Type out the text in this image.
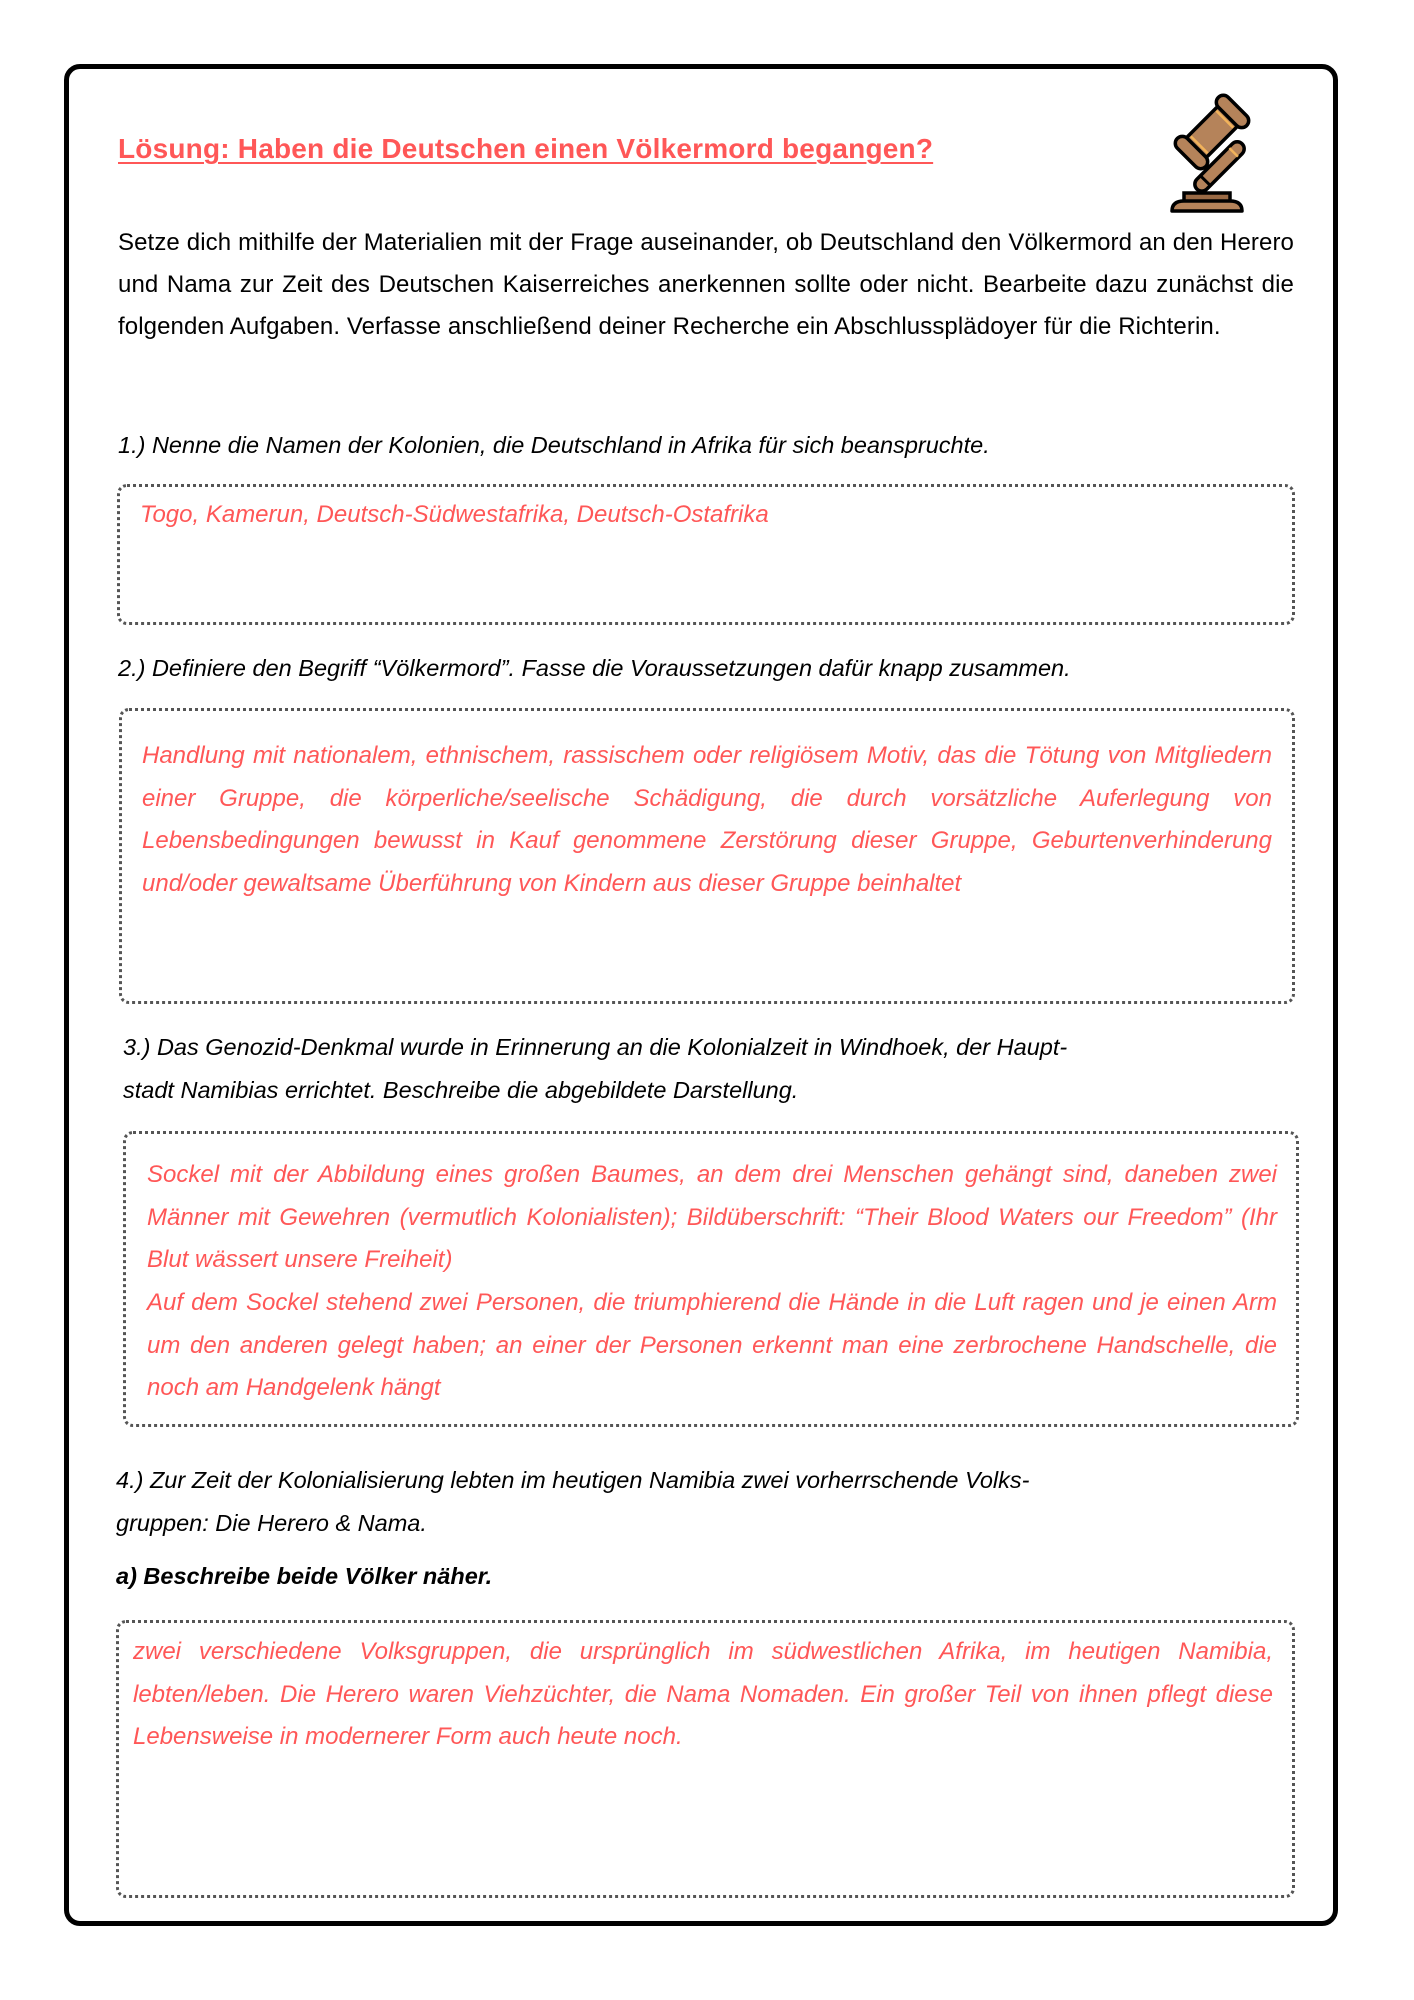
Lösung: Haben die Deutschen einen Völkermord begangen?

Setze dich mithilfe der Materialien mit der Frage auseinander, ob Deutschland den Völkermord an den Herero und Nama zur Zeit des Deutschen Kaiserreiches anerkennen sollte oder nicht. Bearbeite dazu zunächst die folgenden Aufgaben. Verfasse anschließend deiner Recherche ein Abschlussplädoyer für die Richterin.

1.) Nenne die Namen der Kolonien, die Deutschland in Afrika für sich beanspruchte.

Togo, Kamerun, Deutsch-Südwestafrika, Deutsch-Ostafrika

2.) Definiere den Begriff “Völkermord”. Fasse die Voraussetzungen dafür knapp zusammen.

Handlung mit nationalem, ethnischem, rassischem oder religiösem Motiv, das die Tötung von Mitgliedern einer Gruppe, die körperliche/seelische Schädigung, die durch vorsätzliche Auferlegung von Lebensbedingungen bewusst in Kauf genommene Zerstörung dieser Gruppe, Geburtenverhinderung und/oder gewaltsame Überführung von Kindern aus dieser Gruppe beinhaltet

3.) Das Genozid-Denkmal wurde in Erinnerung an die Kolonialzeit in Windhoek, der Haupt-

stadt Namibias errichtet. Beschreibe die abgebildete Darstellung.

Sockel mit der Abbildung eines großen Baumes, an dem drei Menschen gehängt sind, daneben zwei Männer mit Gewehren (vermutlich Kolonialisten); Bildüberschrift: “Their Blood Waters our Freedom” (Ihr Blut wässert unsere Freiheit)

Auf dem Sockel stehend zwei Personen, die triumphierend die Hände in die Luft ragen und je einen Arm um den anderen gelegt haben; an einer der Personen erkennt man eine zerbrochene Handschelle, die noch am Handgelenk hängt

4.) Zur Zeit der Kolonialisierung lebten im heutigen Namibia zwei vorherrschende Volks-

gruppen: Die Herero & Nama.

a) Beschreibe beide Völker näher.

zwei verschiedene Volksgruppen, die ursprünglich im südwestlichen Afrika, im heutigen Namibia, lebten/leben. Die Herero waren Viehzüchter, die Nama Nomaden. Ein großer Teil von ihnen pflegt diese Lebensweise in modernerer Form auch heute noch.
